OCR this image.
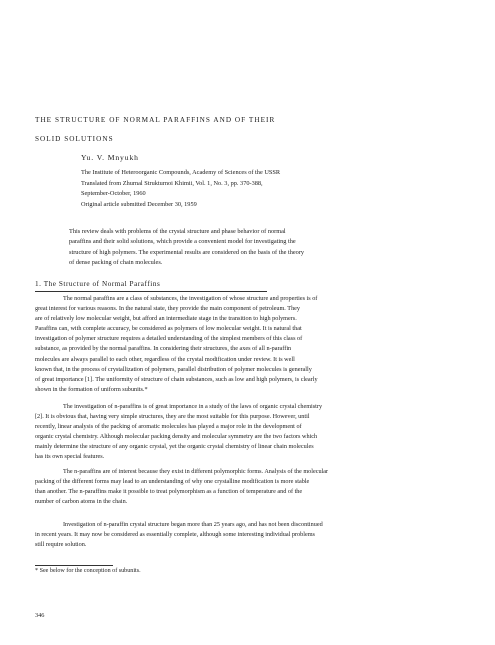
THE STRUCTURE OF NORMAL PARAFFINS AND OF THEIR
SOLID SOLUTIONS
Yu. V. Mnyukh
The Institute of Heteroorganic Compounds, Academy of Sciences of the USSR
Translated from Zhurnal Strukturnoi Khimii, Vol. 1, No. 3, pp. 370-388,
September-October, 1960
Original article submitted December 30, 1959
This review deals with problems of the crystal structure and phase behavior of normal
paraffins and their solid solutions, which provide a convenient model for investigating the
structure of high polymers. The experimental results are considered on the basis of the theory
of dense packing of chain molecules.
1. The Structure of Normal Paraffins
The normal paraffins are a class of substances, the investigation of whose structure and properties is of
great interest for various reasons. In the natural state, they provide the main component of petroleum. They
are of relatively low molecular weight, but afford an intermediate stage in the transition to high polymers.
Paraffins can, with complete accuracy, be considered as polymers of low molecular weight. It is natural that
investigation of polymer structure requires a detailed understanding of the simplest members of this class of
substance, as provided by the normal paraffins. In considering their structures, the axes of all n-paraffin
molecules are always parallel to each other, regardless of the crystal modification under review. It is well
known that, in the process of crystallization of polymers, parallel distribution of polymer molecules is generally
of great importance [1]. The uniformity of structure of chain substances, such as low and high polymers, is clearly
shown in the formation of uniform subunits.*
The investigation of n-paraffins is of great importance in a study of the laws of organic crystal chemistry
[2]. It is obvious that, having very simple structures, they are the most suitable for this purpose. However, until
recently, linear analysis of the packing of aromatic molecules has played a major role in the development of
organic crystal chemistry. Although molecular packing density and molecular symmetry are the two factors which
mainly determine the structure of any organic crystal, yet the organic crystal chemistry of linear chain molecules
has its own special features.
The n-paraffins are of interest because they exist in different polymorphic forms. Analysis of the molecular
packing of the different forms may lead to an understanding of why one crystalline modification is more stable
than another. The n-paraffins make it possible to treat polymorphism as a function of temperature and of the
number of carbon atoms in the chain.
Investigation of n-paraffin crystal structure began more than 25 years ago, and has not been discontinued
in recent years. It may now be considered as essentially complete, although some interesting individual problems
still require solution.
* See below for the conception of subunits.
346
